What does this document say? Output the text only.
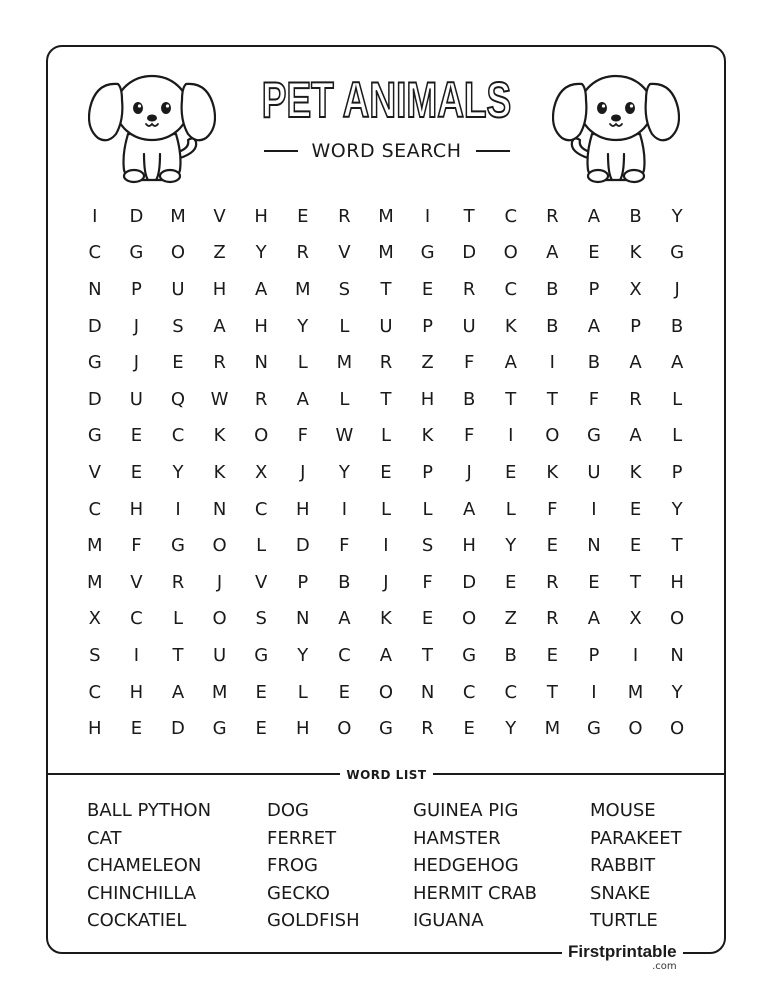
PET ANIMALS
WORD SEARCH
I	D	M	V	H	E	R	M	I	T	C	R	A	B	Y
C	G	O	Z	Y	R	V	M	G	D	O	A	E	K	G
N	P	U	H	A	M	S	T	E	R	C	B	P	X	J
D	J	S	A	H	Y	L	U	P	U	K	B	A	P	B
G	J	E	R	N	L	M	R	Z	F	A	I	B	A	A
D	U	Q	W	R	A	L	T	H	B	T	T	F	R	L
G	E	C	K	O	F	W	L	K	F	I	O	G	A	L
V	E	Y	K	X	J	Y	E	P	J	E	K	U	K	P
C	H	I	N	C	H	I	L	L	A	L	F	I	E	Y
M	F	G	O	L	D	F	I	S	H	Y	E	N	E	T
M	V	R	J	V	P	B	J	F	D	E	R	E	T	H
X	C	L	O	S	N	A	K	E	O	Z	R	A	X	O
S	I	T	U	G	Y	C	A	T	G	B	E	P	I	N
C	H	A	M	E	L	E	O	N	C	C	T	I	M	Y
H	E	D	G	E	H	O	G	R	E	Y	M	G	O	O
WORD LIST
BALL PYTHON
CAT
CHAMELEON
CHINCHILLA
COCKATIEL
DOG
FERRET
FROG
GECKO
GOLDFISH
GUINEA PIG
HAMSTER
HEDGEHOG
HERMIT CRAB
IGUANA
MOUSE
PARAKEET
RABBIT
SNAKE
TURTLE
Firstprintable
.com
